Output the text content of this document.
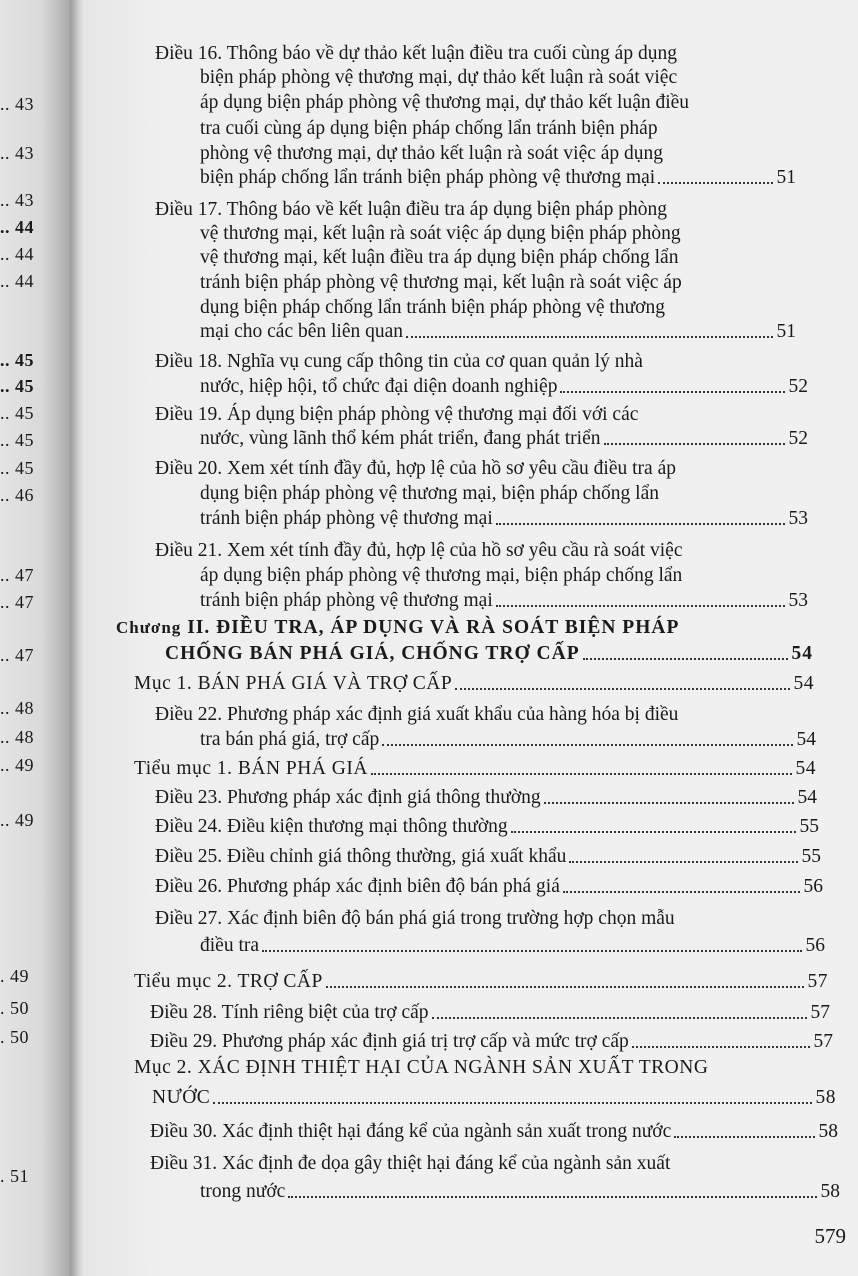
.. 43
.. 43
.. 43
.. 44
.. 44
.. 44
.. 45
.. 45
.. 45
.. 45
.. 45
.. 46
.. 47
.. 47
.. 47
.. 48
.. 48
.. 49
.. 49
. 49
. 50
. 50
. 51
Điều 16. Thông báo về dự thảo kết luận điều tra cuối cùng áp dụng
biện pháp phòng vệ thương mại, dự thảo kết luận rà soát việc
áp dụng biện pháp phòng vệ thương mại, dự thảo kết luận điều
tra cuối cùng áp dụng biện pháp chống lẩn tránh biện pháp
phòng vệ thương mại, dự thảo kết luận rà soát việc áp dụng
biện pháp chống lẩn tránh biện pháp phòng vệ thương mại	51
Điều 17. Thông báo về kết luận điều tra áp dụng biện pháp phòng
vệ thương mại, kết luận rà soát việc áp dụng biện pháp phòng
vệ thương mại, kết luận điều tra áp dụng biện pháp chống lẩn
tránh biện pháp phòng vệ thương mại, kết luận rà soát việc áp
dụng biện pháp chống lẩn tránh biện pháp phòng vệ thương
mại cho các bên liên quan	51
Điều 18. Nghĩa vụ cung cấp thông tin của cơ quan quản lý nhà
nước, hiệp hội, tổ chức đại diện doanh nghiệp	52
Điều 19. Áp dụng biện pháp phòng vệ thương mại đối với các
nước, vùng lãnh thổ kém phát triển, đang phát triển	52
Điều 20. Xem xét tính đầy đủ, hợp lệ của hồ sơ yêu cầu điều tra áp
dụng biện pháp phòng vệ thương mại, biện pháp chống lẩn
tránh biện pháp phòng vệ thương mại	53
Điều 21. Xem xét tính đầy đủ, hợp lệ của hồ sơ yêu cầu rà soát việc
áp dụng biện pháp phòng vệ thương mại, biện pháp chống lẩn
tránh biện pháp phòng vệ thương mại	53
Chương II. ĐIỀU TRA, ÁP DỤNG VÀ RÀ SOÁT BIỆN PHÁP
CHỐNG BÁN PHÁ GIÁ, CHỐNG TRỢ CẤP	54
Mục 1. BÁN PHÁ GIÁ VÀ TRỢ CẤP	54
Điều 22. Phương pháp xác định giá xuất khẩu của hàng hóa bị điều
tra bán phá giá, trợ cấp	54
Tiểu mục 1. BÁN PHÁ GIÁ	54
Điều 23. Phương pháp xác định giá thông thường	54
Điều 24. Điều kiện thương mại thông thường	55
Điều 25. Điều chỉnh giá thông thường, giá xuất khẩu	55
Điều 26. Phương pháp xác định biên độ bán phá giá	56
Điều 27. Xác định biên độ bán phá giá trong trường hợp chọn mẫu
điều tra	56
Tiểu mục 2. TRỢ CẤP	57
Điều 28. Tính riêng biệt của trợ cấp	57
Điều 29. Phương pháp xác định giá trị trợ cấp và mức trợ cấp	57
Mục 2. XÁC ĐỊNH THIỆT HẠI CỦA NGÀNH SẢN XUẤT TRONG
NƯỚC	58
Điều 30. Xác định thiệt hại đáng kể của ngành sản xuất trong nước	58
Điều 31. Xác định đe dọa gây thiệt hại đáng kể của ngành sản xuất
trong nước	58
579
